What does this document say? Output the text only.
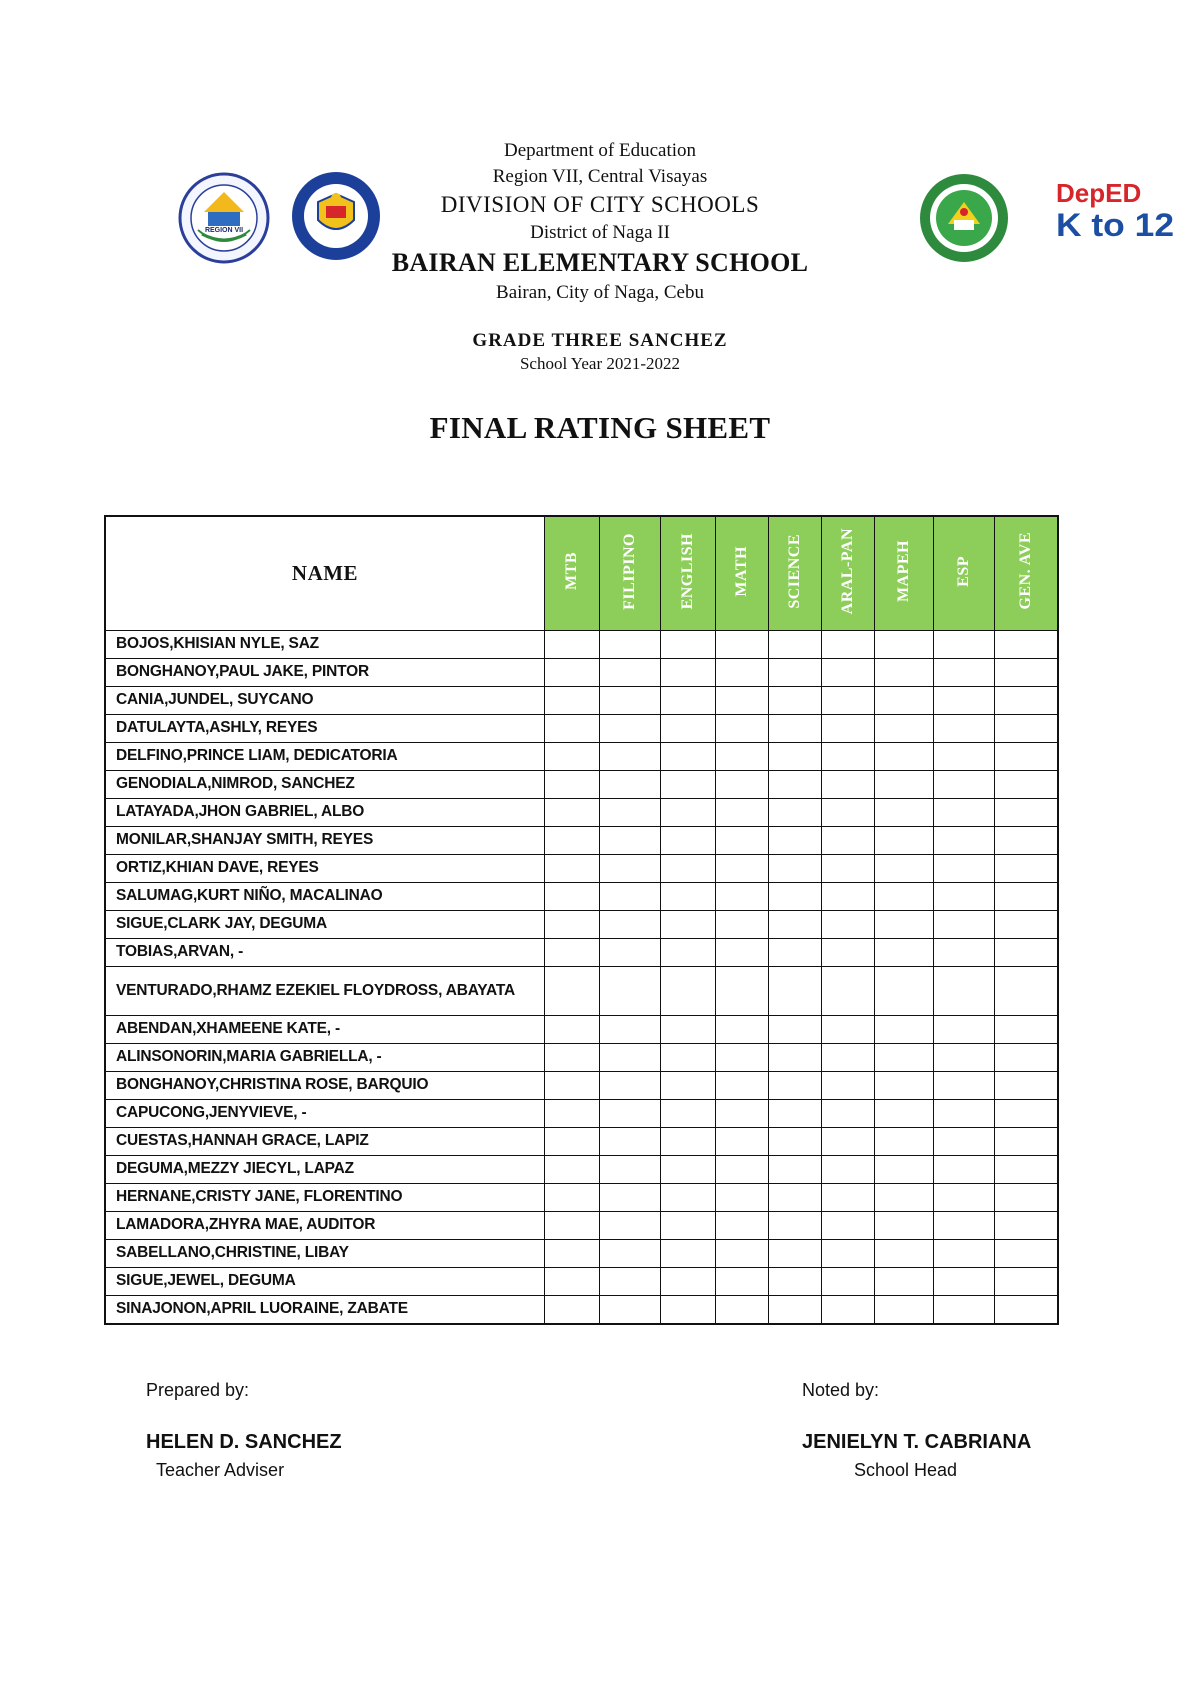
REGION VII
DepED
K to 12
Department of Education
Region VII, Central Visayas
DIVISION OF CITY SCHOOLS
District of Naga II
BAIRAN ELEMENTARY SCHOOL
Bairan, City of Naga, Cebu
GRADE THREE SANCHEZ
School Year 2021-2022
FINAL RATING SHEET
NAME	MTB	FILIPINO	ENGLISH	MATH	SCIENCE	ARAL-PAN	MAPEH	ESP	GEN. AVE
BOJOS,KHISIAN NYLE, SAZ									
BONGHANOY,PAUL JAKE, PINTOR									
CANIA,JUNDEL, SUYCANO									
DATULAYTA,ASHLY, REYES									
DELFINO,PRINCE LIAM, DEDICATORIA									
GENODIALA,NIMROD, SANCHEZ									
LATAYADA,JHON GABRIEL, ALBO									
MONILAR,SHANJAY SMITH, REYES									
ORTIZ,KHIAN DAVE, REYES									
SALUMAG,KURT NIÑO, MACALINAO									
SIGUE,CLARK JAY, DEGUMA									
TOBIAS,ARVAN, -									
VENTURADO,RHAMZ EZEKIEL FLOYDROSS, ABAYATA									
ABENDAN,XHAMEENE KATE, -									
ALINSONORIN,MARIA GABRIELLA, -									
BONGHANOY,CHRISTINA ROSE, BARQUIO									
CAPUCONG,JENYVIEVE, -									
CUESTAS,HANNAH GRACE, LAPIZ									
DEGUMA,MEZZY JIECYL, LAPAZ									
HERNANE,CRISTY JANE, FLORENTINO									
LAMADORA,ZHYRA MAE, AUDITOR									
SABELLANO,CHRISTINE, LIBAY									
SIGUE,JEWEL, DEGUMA									
SINAJONON,APRIL LUORAINE, ZABATE									
Prepared by:
HELEN D. SANCHEZ
Teacher Adviser
Noted by:
JENIELYN T. CABRIANA
School Head
